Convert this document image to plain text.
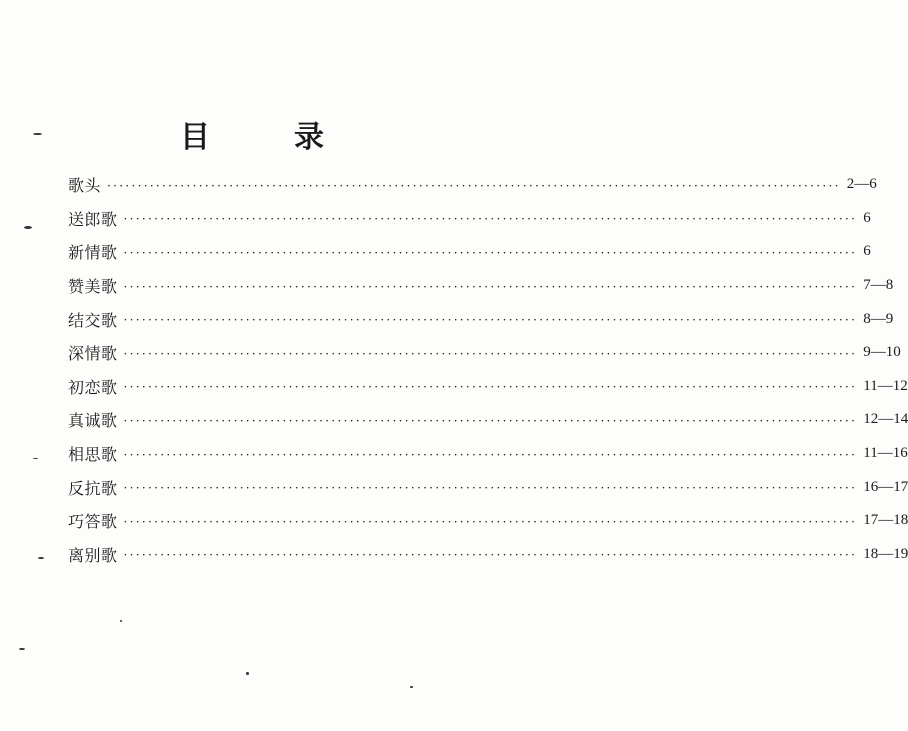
目	录
歌头 ························································································································ 2—6
送郎歌 ························································································································ 6
新情歌 ························································································································ 6
赞美歌 ························································································································ 7—8
结交歌 ························································································································ 8—9
深情歌 ························································································································ 9—10
初恋歌 ························································································································ 11—12
真诚歌 ························································································································ 12—14
相思歌 ························································································································ 11—16
反抗歌 ························································································································ 16—17
巧答歌 ························································································································ 17—18
离别歌 ························································································································ 18—19
